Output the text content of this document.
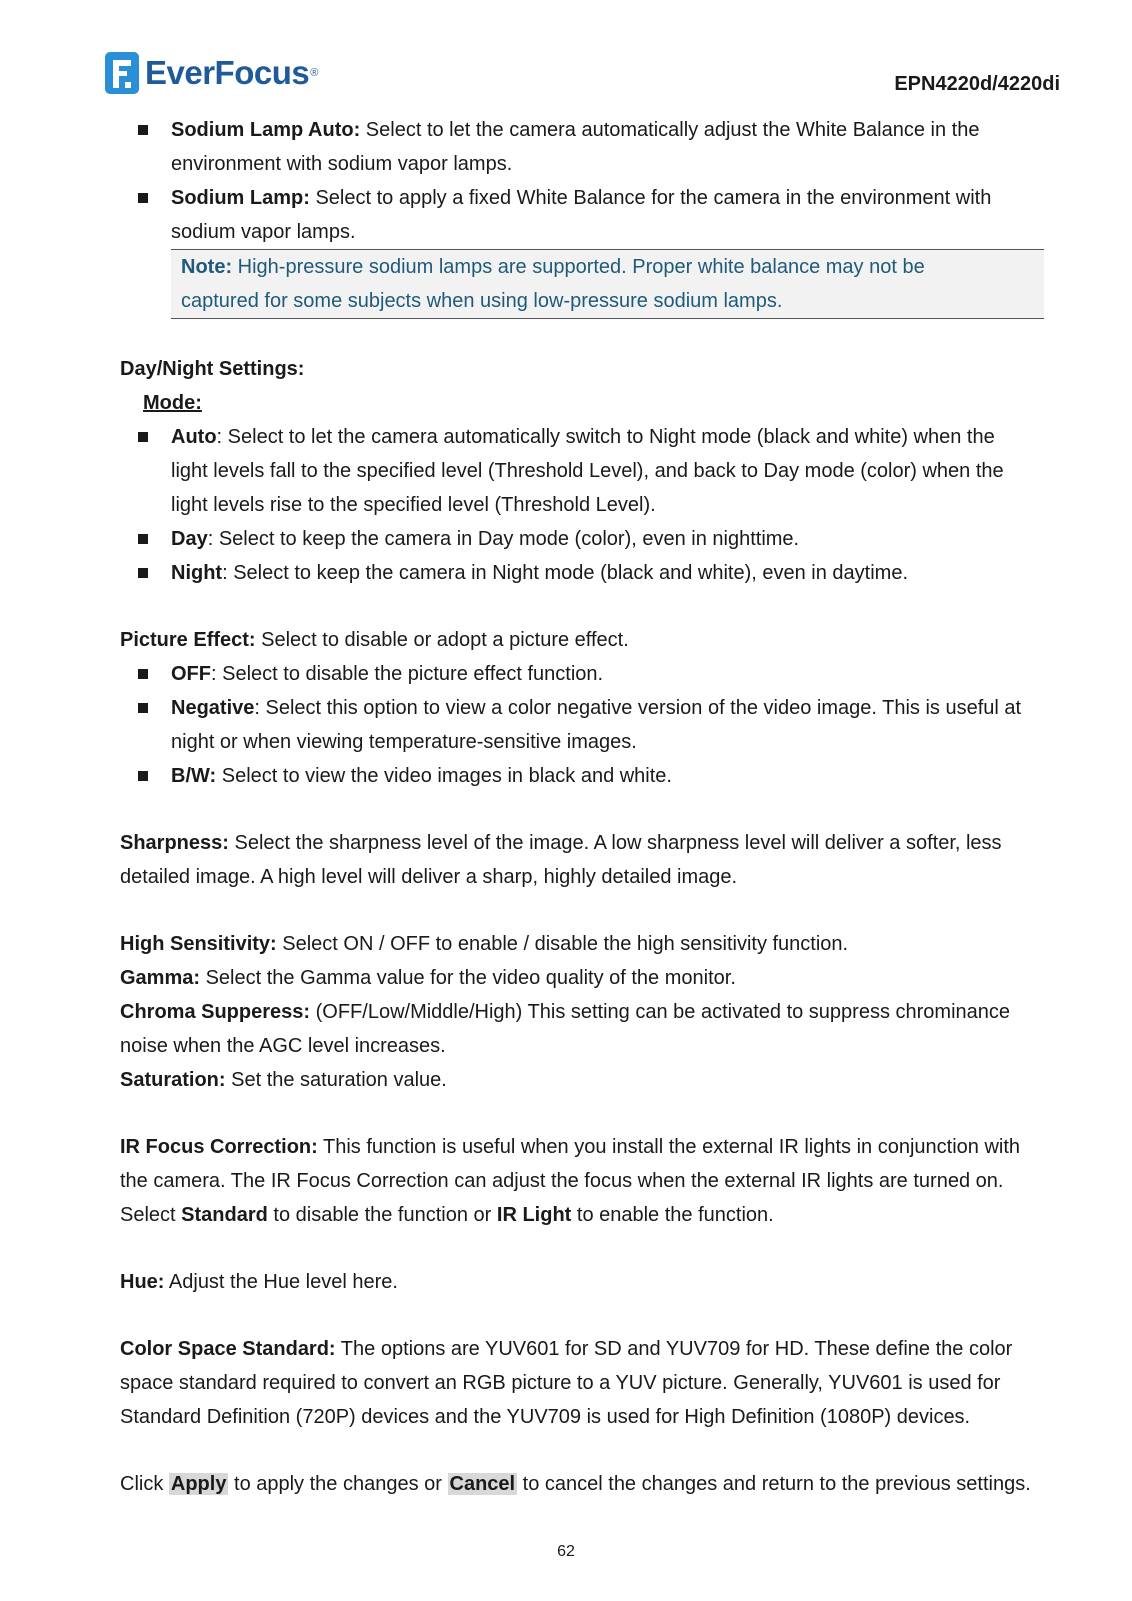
EverFocus ®	EPN4220d/4220di
Sodium Lamp Auto: Select to let the camera automatically adjust the White Balance in the
environment with sodium vapor lamps.
Sodium Lamp: Select to apply a fixed White Balance for the camera in the environment with
sodium vapor lamps.
Note: High-pressure sodium lamps are supported. Proper white balance may not be
captured for some subjects when using low-pressure sodium lamps.
Day/Night Settings:
Mode:
Auto: Select to let the camera automatically switch to Night mode (black and white) when the
light levels fall to the specified level (Threshold Level), and back to Day mode (color) when the
light levels rise to the specified level (Threshold Level).
Day: Select to keep the camera in Day mode (color), even in nighttime.
Night: Select to keep the camera in Night mode (black and white), even in daytime.
Picture Effect: Select to disable or adopt a picture effect.
OFF: Select to disable the picture effect function.
Negative: Select this option to view a color negative version of the video image. This is useful at
night or when viewing temperature-sensitive images.
B/W: Select to view the video images in black and white.
Sharpness: Select the sharpness level of the image. A low sharpness level will deliver a softer, less
detailed image. A high level will deliver a sharp, highly detailed image.
High Sensitivity: Select ON / OFF to enable / disable the high sensitivity function.
Gamma: Select the Gamma value for the video quality of the monitor.
Chroma Supperess: (OFF/Low/Middle/High) This setting can be activated to suppress chrominance
noise when the AGC level increases.
Saturation: Set the saturation value.
IR Focus Correction: This function is useful when you install the external IR lights in conjunction with
the camera. The IR Focus Correction can adjust the focus when the external IR lights are turned on.
Select Standard to disable the function or IR Light to enable the function.
Hue: Adjust the Hue level here.
Color Space Standard: The options are YUV601 for SD and YUV709 for HD. These define the color
space standard required to convert an RGB picture to a YUV picture. Generally, YUV601 is used for
Standard Definition (720P) devices and the YUV709 is used for High Definition (1080P) devices.
Click Apply to apply the changes or Cancel to cancel the changes and return to the previous settings.
62
